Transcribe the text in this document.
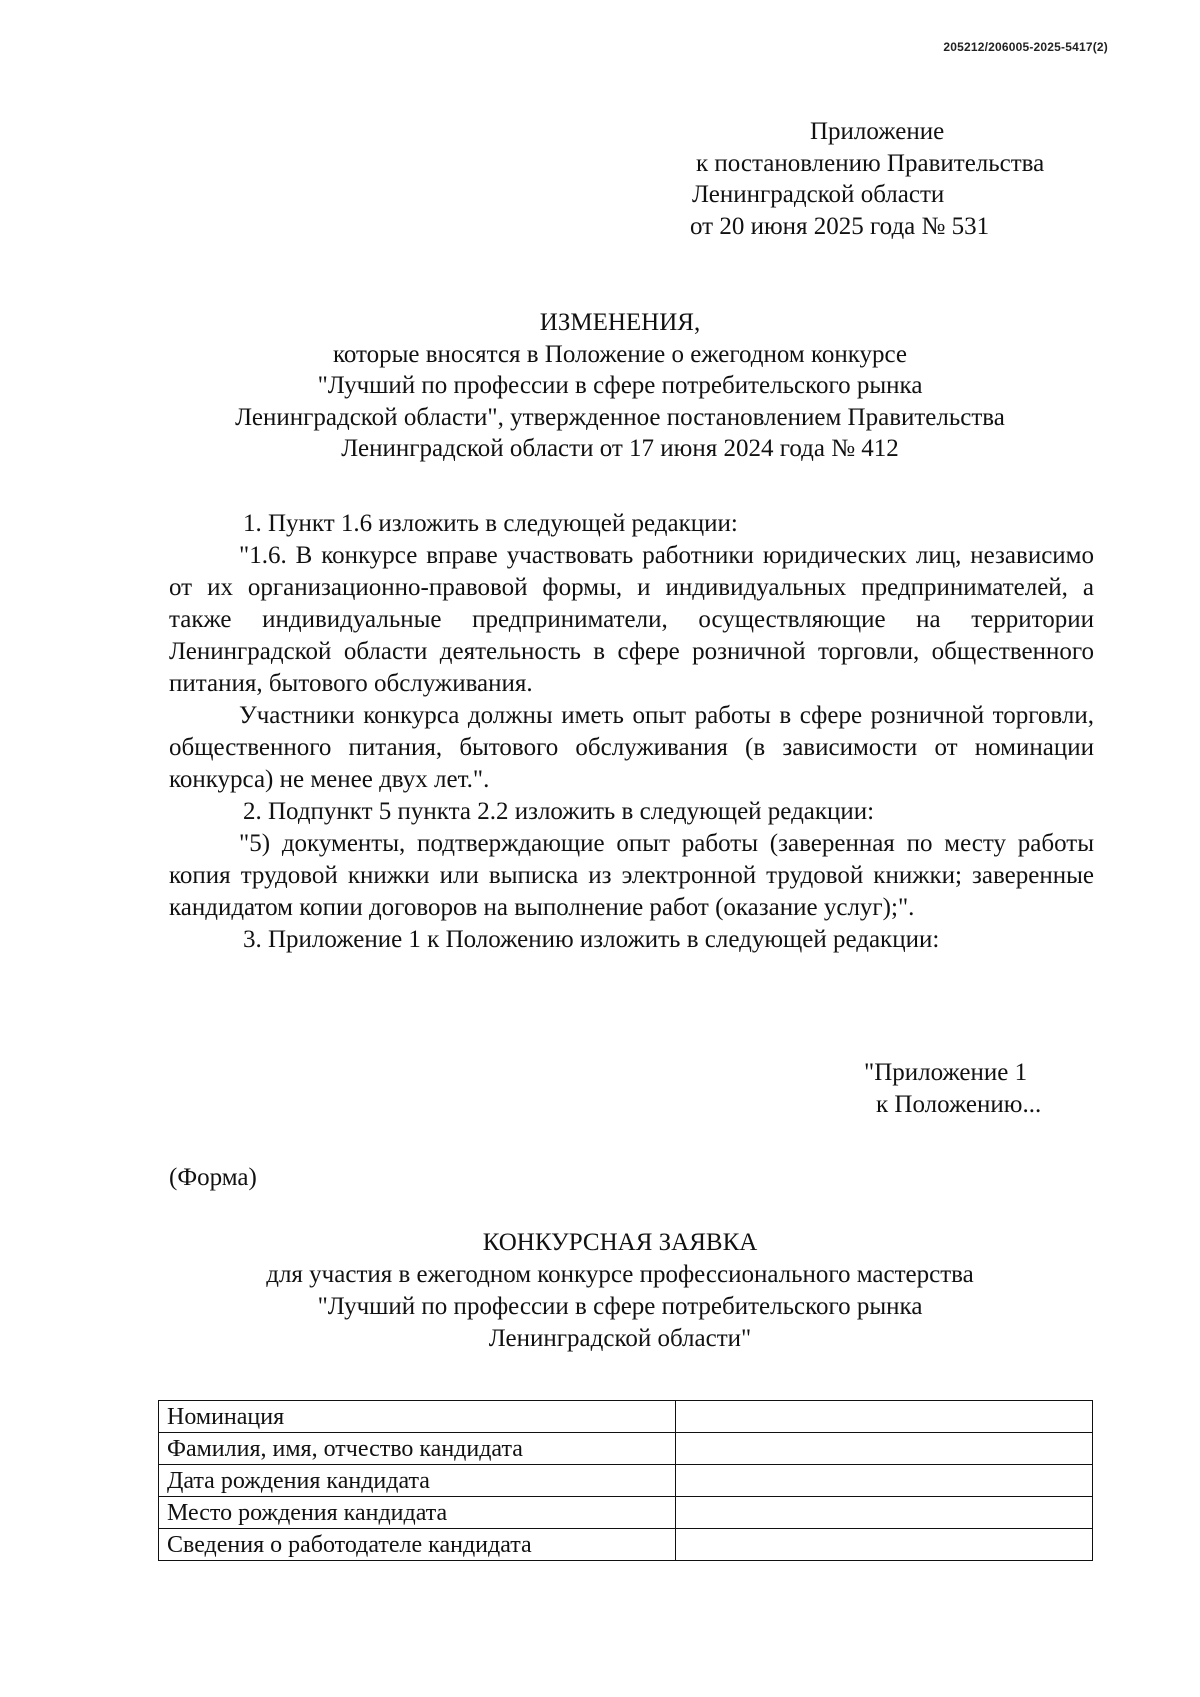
205212/206005-2025-5417(2)
Приложение
к постановлению Правительства
Ленинградской области
от 20 июня 2025 года № 531
ИЗМЕНЕНИЯ,
которые вносятся в Положение о ежегодном конкурсе
"Лучший по профессии в сфере потребительского рынка
Ленинградской области", утвержденное постановлением Правительства
Ленинградской области от 17 июня 2024 года № 412

1. Пункт 1.6 изложить в следующей редакции:

"1.6. В конкурсе вправе участвовать работники юридических лиц, независимо от их организационно-правовой формы, и индивидуальных предпринимателей, а также индивидуальные предприниматели, осуществляющие на территории Ленинградской области деятельность в сфере розничной торговли, общественного питания, бытового обслуживания.

Участники конкурса должны иметь опыт работы в сфере розничной торговли, общественного питания, бытового обслуживания (в зависимости от номинации конкурса) не менее двух лет.".

2. Подпункт 5 пункта 2.2 изложить в следующей редакции:

"5) документы, подтверждающие опыт работы (заверенная по месту работы копия трудовой книжки или выписка из электронной трудовой книжки; заверенные кандидатом копии договоров на выполнение работ (оказание услуг);".

3. Приложение 1 к Положению изложить в следующей редакции:

"Приложение 1
к Положению...
(Форма)
КОНКУРСНАЯ ЗАЯВКА
для участия в ежегодном конкурсе профессионального мастерства
"Лучший по профессии в сфере потребительского рынка
Ленинградской области"
Номинация	
Фамилия, имя, отчество кандидата	
Дата рождения кандидата	
Место рождения кандидата	
Сведения о работодателе кандидата	
